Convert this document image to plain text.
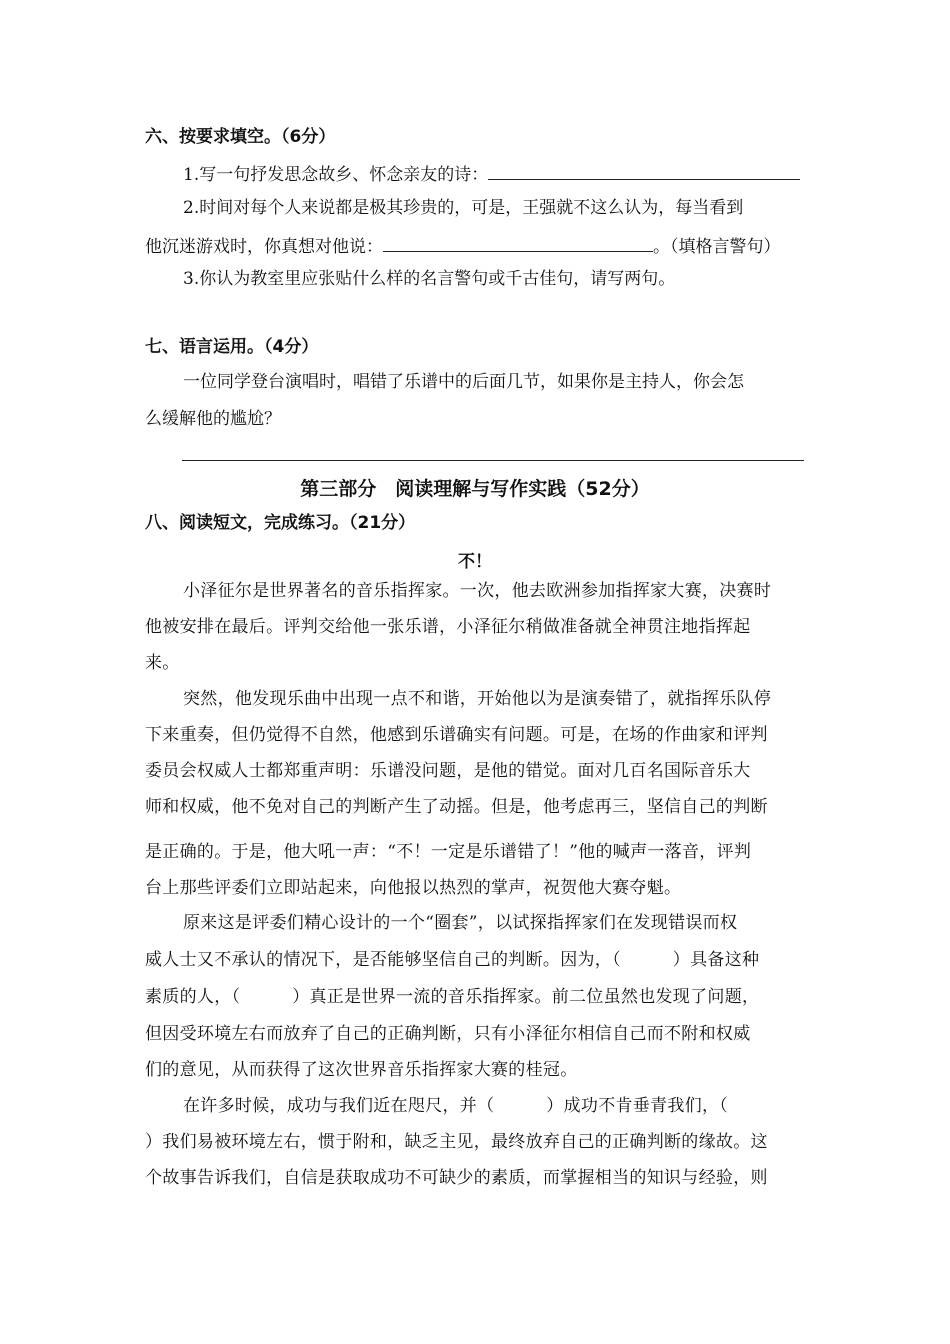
六、按要求填空。（6分）
1.写一句抒发思念故乡、怀念亲友的诗：
2.时间对每个人来说都是极其珍贵的，可是，王强就不这么认为，每当看到
他沉迷游戏时，你真想对他说：	。（填格言警句）
3.你认为教室里应张贴什么样的名言警句或千古佳句，请写两句。
七、语言运用。（4分）
一位同学登台演唱时，唱错了乐谱中的后面几节，如果你是主持人，你会怎
么缓解他的尴尬？
第三部分　阅读理解与写作实践（52分）
八、阅读短文，完成练习。（21分）
不！
小泽征尔是世界著名的音乐指挥家。一次，他去欧洲参加指挥家大赛，决赛时
他被安排在最后。评判交给他一张乐谱，小泽征尔稍做准备就全神贯注地指挥起
来。
突然，他发现乐曲中出现一点不和谐，开始他以为是演奏错了，就指挥乐队停
下来重奏，但仍觉得不自然，他感到乐谱确实有问题。可是，在场的作曲家和评判
委员会权威人士都郑重声明：乐谱没问题，是他的错觉。面对几百名国际音乐大
师和权威，他不免对自己的判断产生了动摇。但是，他考虑再三，坚信自己的判断
是正确的。于是，他大吼一声：“不！一定是乐谱错了！”他的喊声一落音，评判
台上那些评委们立即站起来，向他报以热烈的掌声，祝贺他大赛夺魁。
原来这是评委们精心设计的一个“圈套”，以试探指挥家们在发现错误而权
威人士又不承认的情况下，是否能够坚信自己的判断。因为，（　　　）具备这种
素质的人，（　　　）真正是世界一流的音乐指挥家。前二位虽然也发现了问题，
但因受环境左右而放弃了自己的正确判断，只有小泽征尔相信自己而不附和权威
们的意见，从而获得了这次世界音乐指挥家大赛的桂冠。
在许多时候，成功与我们近在咫尺，并（　　　）成功不肯垂青我们，（
）我们易被环境左右，惯于附和，缺乏主见，最终放弃自己的正确判断的缘故。这
个故事告诉我们，自信是获取成功不可缺少的素质，而掌握相当的知识与经验，则
